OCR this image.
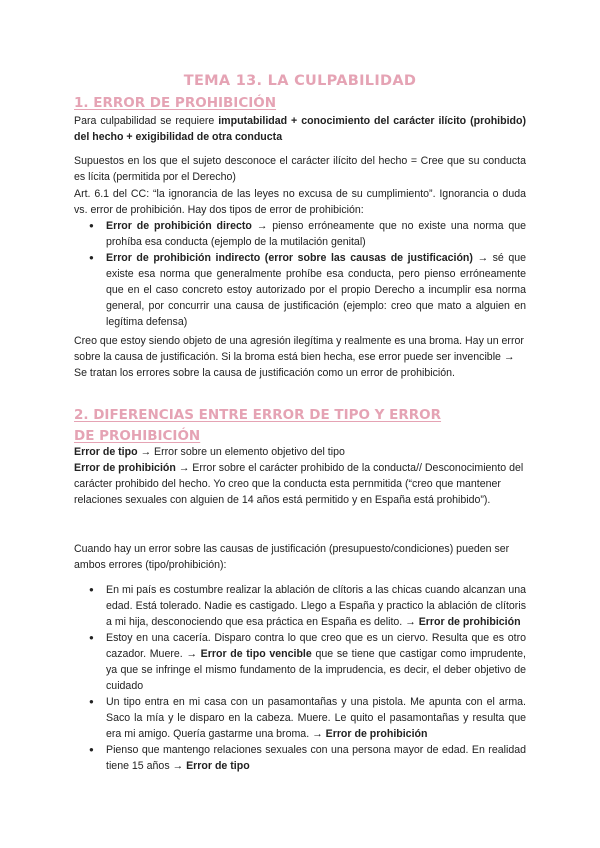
TEMA 13. LA CULPABILIDAD
1. ERROR DE PROHIBICIÓN

Para culpabilidad se requiere imputabilidad + conocimiento del carácter ilícito (prohibido) del hecho + exigibilidad de otra conducta

Supuestos en los que el sujeto desconoce el carácter ilícito del hecho = Cree que su conducta es lícita (permitida por el Derecho)

Art. 6.1 del CC: “la ignorancia de las leyes no excusa de su cumplimiento”. Ignorancia o duda vs. error de prohibición. Hay dos tipos de error de prohibición:

● Error de prohibición directo → pienso erróneamente que no existe una norma que prohíba esa conducta (ejemplo de la mutilación genital)
● Error de prohibición indirecto (error sobre las causas de justificación) → sé que existe esa norma que generalmente prohíbe esa conducta, pero pienso erróneamente que en el caso concreto estoy autorizado por el propio Derecho a incumplir esa norma general, por concurrir una causa de justificación (ejemplo: creo que mato a alguien en legítima defensa)

Creo que estoy siendo objeto de una agresión ilegítima y realmente es una broma. Hay un error sobre la causa de justificación. Si la broma está bien hecha, ese error puede ser invencible → Se tratan los errores sobre la causa de justificación como un error de prohibición.

2. DIFERENCIAS ENTRE ERROR DE TIPO Y ERROR DE PROHIBICIÓN

Error de tipo → Error sobre un elemento objetivo del tipo

Error de prohibición → Error sobre el carácter prohibido de la conducta// Desconocimiento del carácter prohibido del hecho. Yo creo que la conducta esta pernmitida (“creo que mantener relaciones sexuales con alguien de 14 años está permitido y en España está prohibido”).

Cuando hay un error sobre las causas de justificación (presupuesto/condiciones) pueden ser ambos errores (tipo/prohibición):

● En mi país es costumbre realizar la ablación de clítoris a las chicas cuando alcanzan una edad. Está tolerado. Nadie es castigado. Llego a España y practico la ablación de clítoris a mi hija, desconociendo que esa práctica en España es delito. → Error de prohibición
● Estoy en una cacería. Disparo contra lo que creo que es un ciervo. Resulta que es otro cazador. Muere. → Error de tipo vencible que se tiene que castigar como imprudente, ya que se infringe el mismo fundamento de la imprudencia, es decir, el deber objetivo de cuidado
● Un tipo entra en mi casa con un pasamontañas y una pistola. Me apunta con el arma. Saco la mía y le disparo en la cabeza. Muere. Le quito el pasamontañas y resulta que era mi amigo. Quería gastarme una broma. → Error de prohibición
● Pienso que mantengo relaciones sexuales con una persona mayor de edad. En realidad tiene 15 años → Error de tipo
